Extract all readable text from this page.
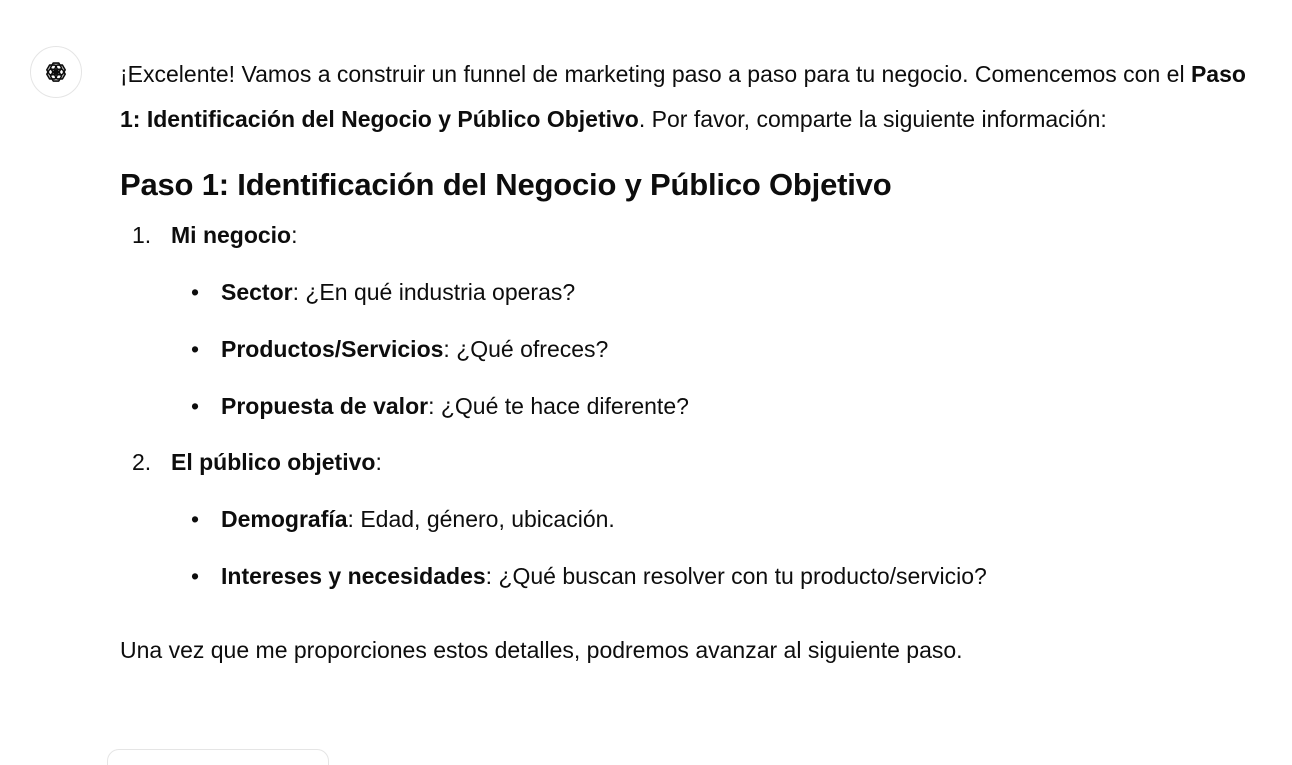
¡Excelente! Vamos a construir un funnel de marketing paso a paso para tu negocio. Comencemos con el Paso 1: Identificación del Negocio y Público Objetivo. Por favor, comparte la siguiente información:

Paso 1: Identificación del Negocio y Público Objetivo
1. Mi negocio:
• Sector: ¿En qué industria operas?
• Productos/Servicios: ¿Qué ofreces?
• Propuesta de valor: ¿Qué te hace diferente?
2. El público objetivo:
• Demografía: Edad, género, ubicación.
• Intereses y necesidades: ¿Qué buscan resolver con tu producto/servicio?

Una vez que me proporciones estos detalles, podremos avanzar al siguiente paso.
